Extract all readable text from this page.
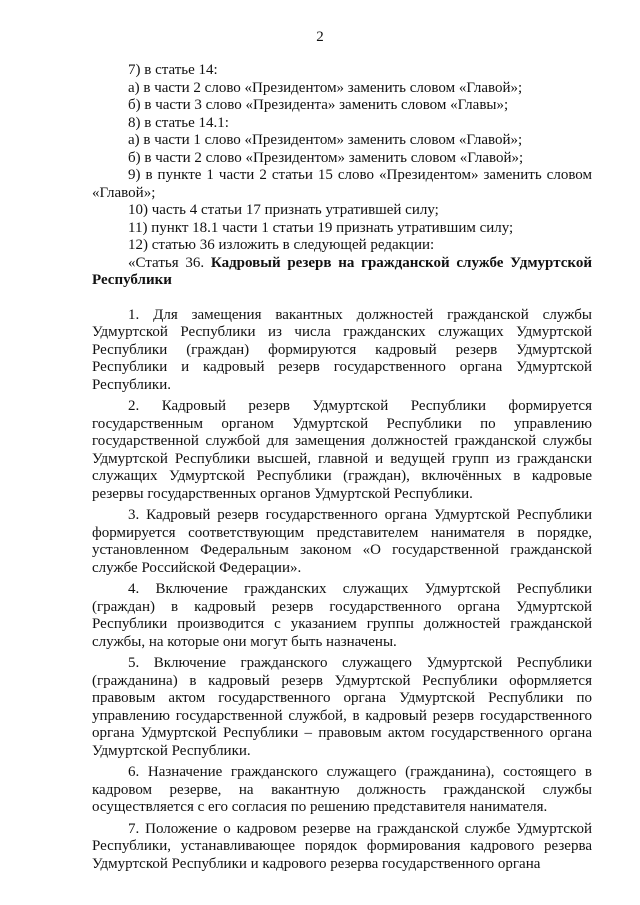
2

7) в статье 14:

а) в части 2 слово «Президентом» заменить словом «Главой»;

б) в части 3 слово «Президента» заменить словом «Главы»;

8) в статье 14.1:

а) в части 1 слово «Президентом» заменить словом «Главой»;

б) в части 2 слово «Президентом» заменить словом «Главой»;

9) в пункте 1 части 2 статьи 15 слово «Президентом» заменить словом «Главой»;

10) часть 4 статьи 17 признать утратившей силу;

11) пункт 18.1 части 1 статьи 19 признать утратившим силу;

12) статью 36 изложить в следующей редакции:

«Статья 36. Кадровый резерв на гражданской службе Удмуртской Республики

1. Для замещения вакантных должностей гражданской службы Удмуртской Республики из числа гражданских служащих Удмуртской Республики (граждан) формируются кадровый резерв Удмуртской Республики и кадровый резерв государственного органа Удмуртской Республики.

2. Кадровый резерв Удмуртской Республики формируется государственным органом Удмуртской Республики по управлению государственной службой для замещения должностей гражданской службы Удмуртской Республики высшей, главной и ведущей групп из граждански служащих Удмуртской Республики (граждан), включённых в кадровые резервы государственных органов Удмуртской Республики.

3. Кадровый резерв государственного органа Удмуртской Республики формируется соответствующим представителем нанимателя в порядке, установленном Федеральным законом «О государственной гражданской службе Российской Федерации».

4. Включение гражданских служащих Удмуртской Республики (граждан) в кадровый резерв государственного органа Удмуртской Республики производится с указанием группы должностей гражданской службы, на которые они могут быть назначены.

5. Включение гражданского служащего Удмуртской Республики (гражданина) в кадровый резерв Удмуртской Республики оформляется правовым актом государственного органа Удмуртской Республики по управлению государственной службой, в кадровый резерв государственного органа Удмуртской Республики – правовым актом государственного органа Удмуртской Республики.

6. Назначение гражданского служащего (гражданина), состоящего в кадровом резерве, на вакантную должность гражданской службы осуществляется с его согласия по решению представителя нанимателя.

7. Положение о кадровом резерве на гражданской службе Удмуртской Республики, устанавливающее порядок формирования кадрового резерва Удмуртской Республики и кадрового резерва государственного органа
